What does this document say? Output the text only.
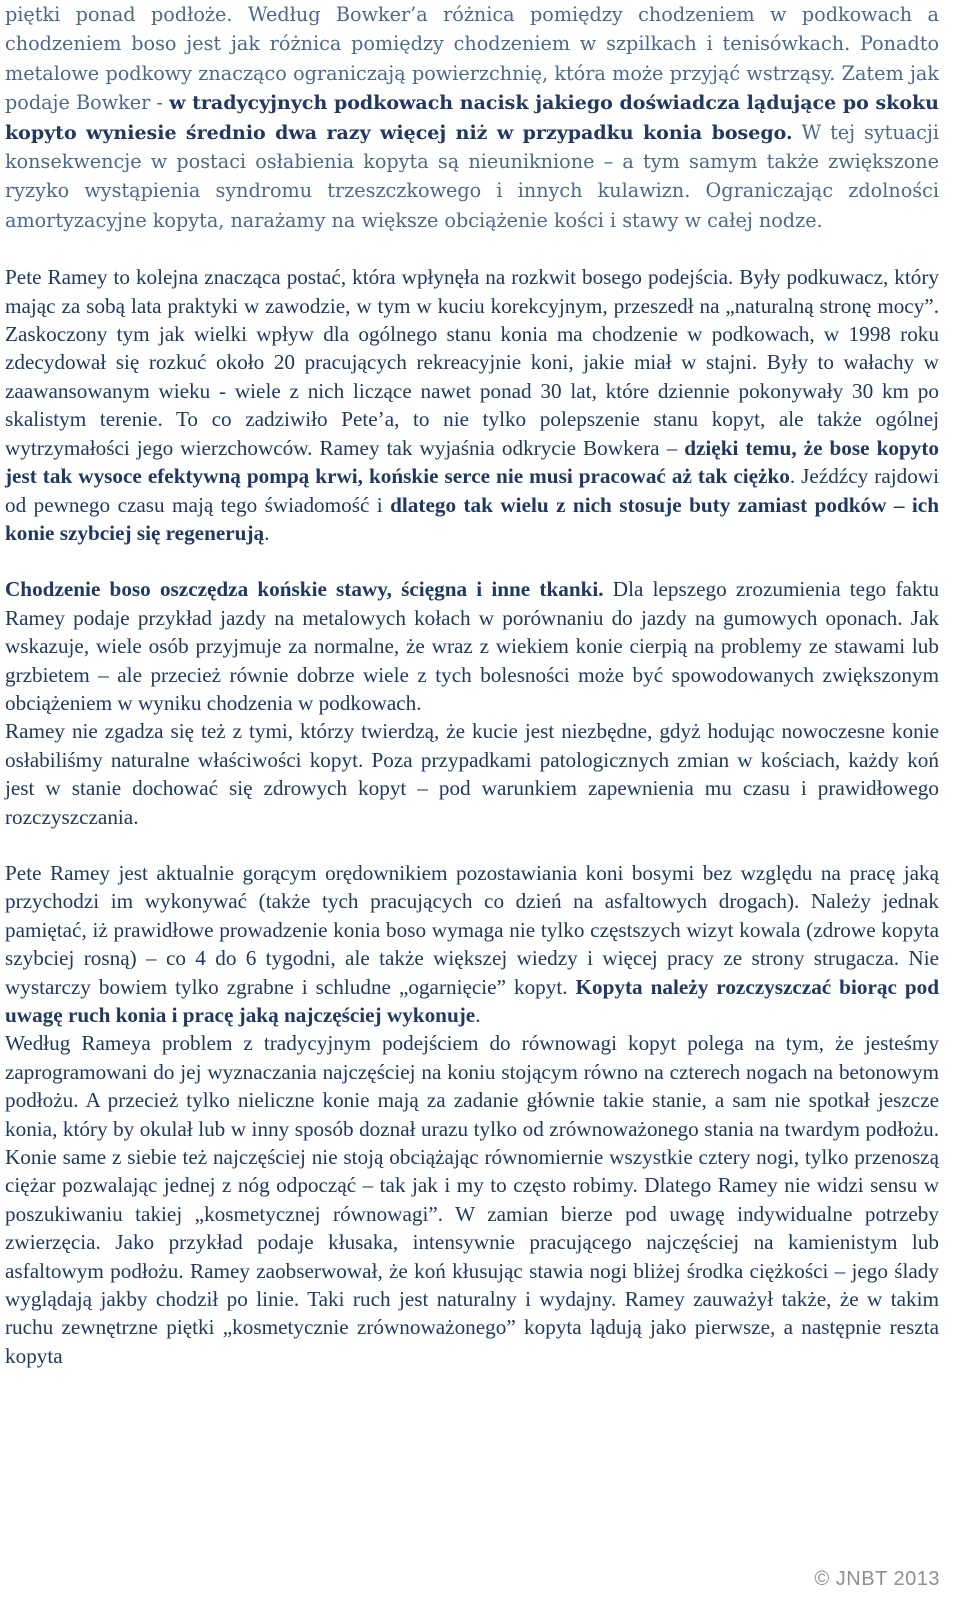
piętki ponad podłoże. Według Bowker’a różnica pomiędzy chodzeniem w podkowach a chodzeniem boso jest jak różnica pomiędzy chodzeniem w szpilkach i tenisówkach. Ponadto metalowe podkowy znacząco ograniczają powierzchnię, która może przyjąć wstrząsy. Zatem jak podaje Bowker - w tradycyjnych podkowach nacisk jakiego doświadcza lądujące po skoku kopyto wyniesie średnio dwa razy więcej niż w przypadku konia bosego. W tej sytuacji konsekwencje w postaci osłabienia kopyta są nieuniknione – a tym samym także zwiększone ryzyko wystąpienia syndromu trzeszczkowego i innych kulawizn. Ograniczając zdolności amortyzacyjne kopyta, narażamy na większe obciążenie kości i stawy w całej nodze.

Pete Ramey to kolejna znacząca postać, która wpłynęła na rozkwit bosego podejścia. Były podkuwacz, który mając za sobą lata praktyki w zawodzie, w tym w kuciu korekcyjnym, przeszedł na „naturalną stronę mocy”. Zaskoczony tym jak wielki wpływ dla ogólnego stanu konia ma chodzenie w podkowach, w 1998 roku zdecydował się rozkuć około 20 pracujących rekreacyjnie koni, jakie miał w stajni. Były to wałachy w zaawansowanym wieku - wiele z nich liczące nawet ponad 30 lat, które dziennie pokonywały 30 km po skalistym terenie. To co zadziwiło Pete’a, to nie tylko polepszenie stanu kopyt, ale także ogólnej wytrzymałości jego wierzchowców. Ramey tak wyjaśnia odkrycie Bowkera – dzięki temu, że bose kopyto jest tak wysoce efektywną pompą krwi, końskie serce nie musi pracować aż tak ciężko. Jeźdźcy rajdowi od pewnego czasu mają tego świadomość i dlatego tak wielu z nich stosuje buty zamiast podków – ich konie szybciej się regenerują.

Chodzenie boso oszczędza końskie stawy, ścięgna i inne tkanki. Dla lepszego zrozumienia tego faktu Ramey podaje przykład jazdy na metalowych kołach w porównaniu do jazdy na gumowych oponach. Jak wskazuje, wiele osób przyjmuje za normalne, że wraz z wiekiem konie cierpią na problemy ze stawami lub grzbietem – ale przecież równie dobrze wiele z tych bolesności może być spowodowanych zwiększonym obciążeniem w wyniku chodzenia w podkowach.

Ramey nie zgadza się też z tymi, którzy twierdzą, że kucie jest niezbędne, gdyż hodując nowoczesne konie osłabiliśmy naturalne właściwości kopyt. Poza przypadkami patologicznych zmian w kościach, każdy koń jest w stanie dochować się zdrowych kopyt – pod warunkiem zapewnienia mu czasu i prawidłowego rozczyszczania.

Pete Ramey jest aktualnie gorącym orędownikiem pozostawiania koni bosymi bez względu na pracę jaką przychodzi im wykonywać (także tych pracujących co dzień na asfaltowych drogach). Należy jednak pamiętać, iż prawidłowe prowadzenie konia boso wymaga nie tylko częstszych wizyt kowala (zdrowe kopyta szybciej rosną) – co 4 do 6 tygodni, ale także większej wiedzy i więcej pracy ze strony strugacza. Nie wystarczy bowiem tylko zgrabne i schludne „ogarnięcie” kopyt. Kopyta należy rozczyszczać biorąc pod uwagę ruch konia i pracę jaką najczęściej wykonuje.

Według Rameya problem z tradycyjnym podejściem do równowagi kopyt polega na tym, że jesteśmy zaprogramowani do jej wyznaczania najczęściej na koniu stojącym równo na czterech nogach na betonowym podłożu. A przecież tylko nieliczne konie mają za zadanie głównie takie stanie, a sam nie spotkał jeszcze konia, który by okulał lub w inny sposób doznał urazu tylko od zrównoważonego stania na twardym podłożu. Konie same z siebie też najczęściej nie stoją obciążając równomiernie wszystkie cztery nogi, tylko przenoszą ciężar pozwalając jednej z nóg odpocząć – tak jak i my to często robimy. Dlatego Ramey nie widzi sensu w poszukiwaniu takiej „kosmetycznej równowagi”. W zamian bierze pod uwagę indywidualne potrzeby zwierzęcia. Jako przykład podaje kłusaka, intensywnie pracującego najczęściej na kamienistym lub asfaltowym podłożu. Ramey zaobserwował, że koń kłusując stawia nogi bliżej środka ciężkości – jego ślady wyglądają jakby chodził po linie. Taki ruch jest naturalny i wydajny. Ramey zauważył także, że w takim ruchu zewnętrzne piętki „kosmetycznie zrównoważonego” kopyta lądują jako pierwsze, a następnie reszta kopyta

© JNBT 2013
